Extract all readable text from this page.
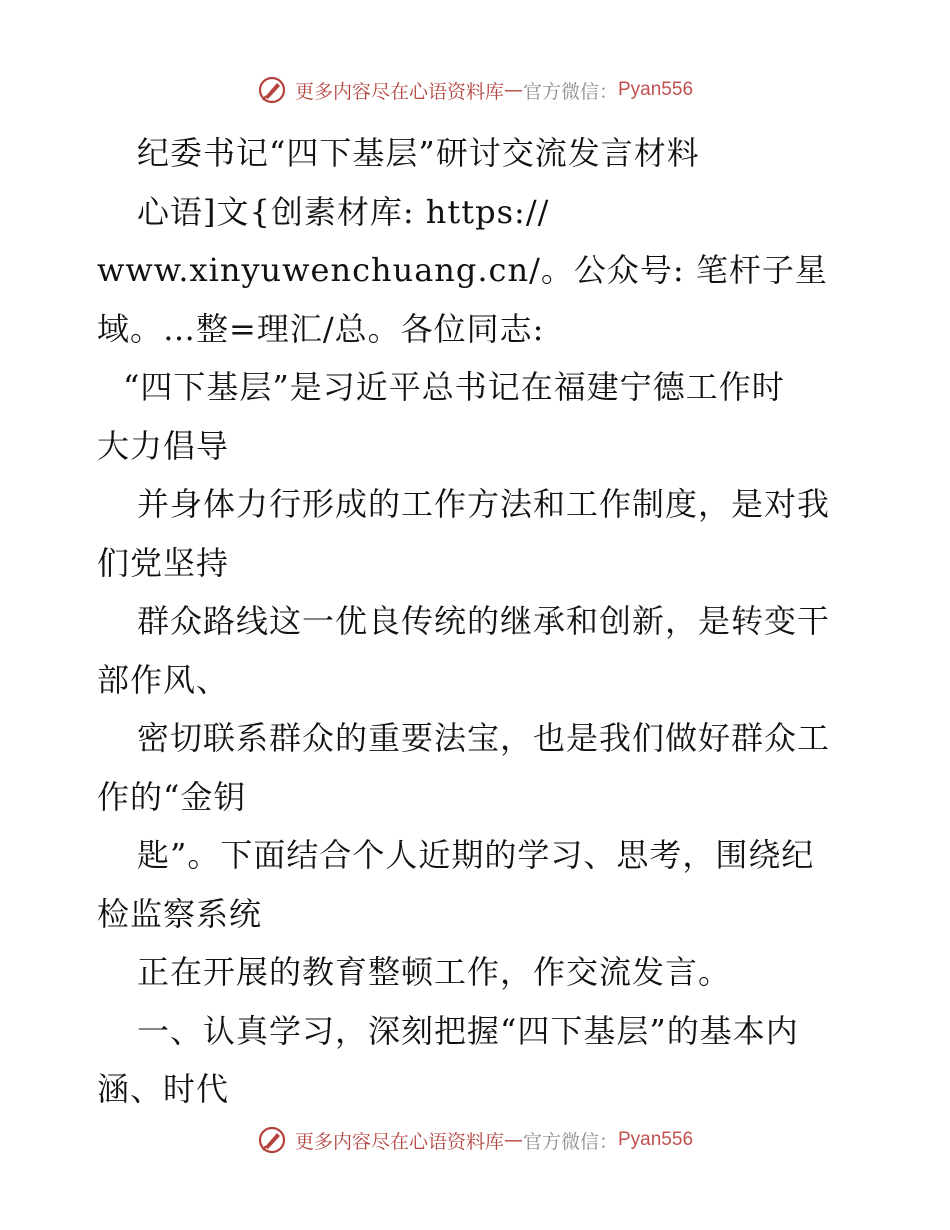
更多内容尽在心语资料库 — 官方微信： Pyan556
纪委书记“四下基层”研讨交流发言材料
心语]文{创素材库: https://
www.xinyuwenchuang.cn/。公众号: 笔杆子星
域。…整=理汇/总。各位同志:
“四下基层”是习近平总书记在福建宁德工作时
大力倡导
并身体力行形成的工作方法和工作制度，是对我
们党坚持
群众路线这一优良传统的继承和创新，是转变干
部作风、
密切联系群众的重要法宝，也是我们做好群众工
作的“金钥
匙”。下面结合个人近期的学习、思考，围绕纪
检监察系统
正在开展的教育整顿工作，作交流发言。
一、认真学习，深刻把握“四下基层”的基本内
涵、时代
更多内容尽在心语资料库 — 官方微信： Pyan556
